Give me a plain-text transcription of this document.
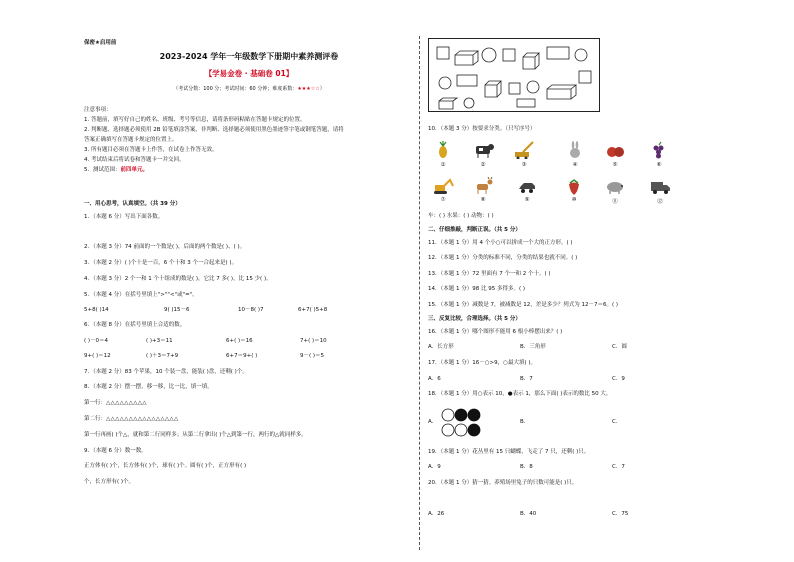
保密★启用前
2023-2024 学年一年级数学下册期中素养测评卷
【学易金卷 · 基础卷 01】
（考试分数：100 分；考试时间：60 分钟；难度系数：★★★☆☆）
注意事项：
1. 答题前，填写好自己的姓名、班级、考号等信息，请将条形码粘贴在答题卡规定的位置。
2. 判断题、选择题必须使用 2B 铅笔填涂答案，非判断、选择题必须使用黑色墨迹签字笔或钢笔答题，请将
答案正确填写在答题卡规定的位置上。
3. 所有题目必须在答题卡上作答，在试卷上作答无效。
4. 考试结束后将试卷和答题卡一并交回。
5．测试范围：前四单元。
一、用心思考，认真填空。（共 39 分）
1．（本题 6 分）写出下面各数。
2．（本题 3 分）74 前面的一个数是( )，后面的两个数是( )、( )。
3．（本题 2 分）( )个十是一百，6 个十和 3 个一合起来是( )。
4．（本题 3 分）2 个一和 1 个十组成的数是( )，它比 7 多( )，比 15 少( )。
5．（本题 4 分）在括号里填上">""<"或"="。
5+8( )14	9( )15－6	10－8( )7	6+7( )5+8
6．（本题 8 分）在括号里填上合适的数。
( )－0＝4	( )+3＝11	6+( )＝16	7+( )＝10
9+( )＝12	( )＋3＝7+9	6+7＝9+( )	9－( )＝5
7．（本题 2 分）83 个苹果，10 个装一盘，能装( )盘，还剩( )个。
8．（本题 2 分）摆一摆，移一移，比一比，填一填。
第一行：△△△△△△△△△
第二行：△△△△△△△△△△△△△△△△
第一行再画( )个△，就和第二行同样多；从第二行拿出( )个△到第一行，两行的△就同样多。
9．（本题 6 分）数一数。
正方体有( )个，长方体有( )个，球有( )个。圆有( )个，正方形有( )
个，长方形有( )个。
10．（本题 3 分）按要求分类。（只写序号）
①	②	③	④	⑤	⑥
⑦	⑧	⑨	⑩	⑪	⑫
车：( ) 水果：( ) 动物：( )
二、仔细推敲，判断正误。（共 5 分）
11．（本题 1 分）用 4 个小○可以拼成一个大的正方形。( )
12．（本题 1 分）分类的标准不同，分类的结果也就不同。( )
13．（本题 1 分）72 里面有 7 个一和 2 个十。( )
14．（本题 1 分）98 比 95 多得多。( )
15．（本题 1 分）减数是 7，被减数是 12，差是多少？列式为 12－7＝6。( )
三、反复比较，合理选择。（共 5 分）
16．（本题 1 分）哪个图形不能用 6 根小棒摆出来？( )
A．长方形	B．三角形	C．圆
17．（本题 1 分）16－○>9，○最大填( )。
A．6	B．7	C．9
18．（本题 1 分）用○表示 10，●表示 1，那么下面( )表示的数比 50 大。
A．	B．	C．
19．（本题 1 分）花丛里有 15 只蝴蝶，飞走了 7 只，还剩( )只。
A．9	B．8	C．7
20．（本题 1 分）猜一猜。养殖场里兔子的只数可能是( )只。
A．26	B．40	C．75
